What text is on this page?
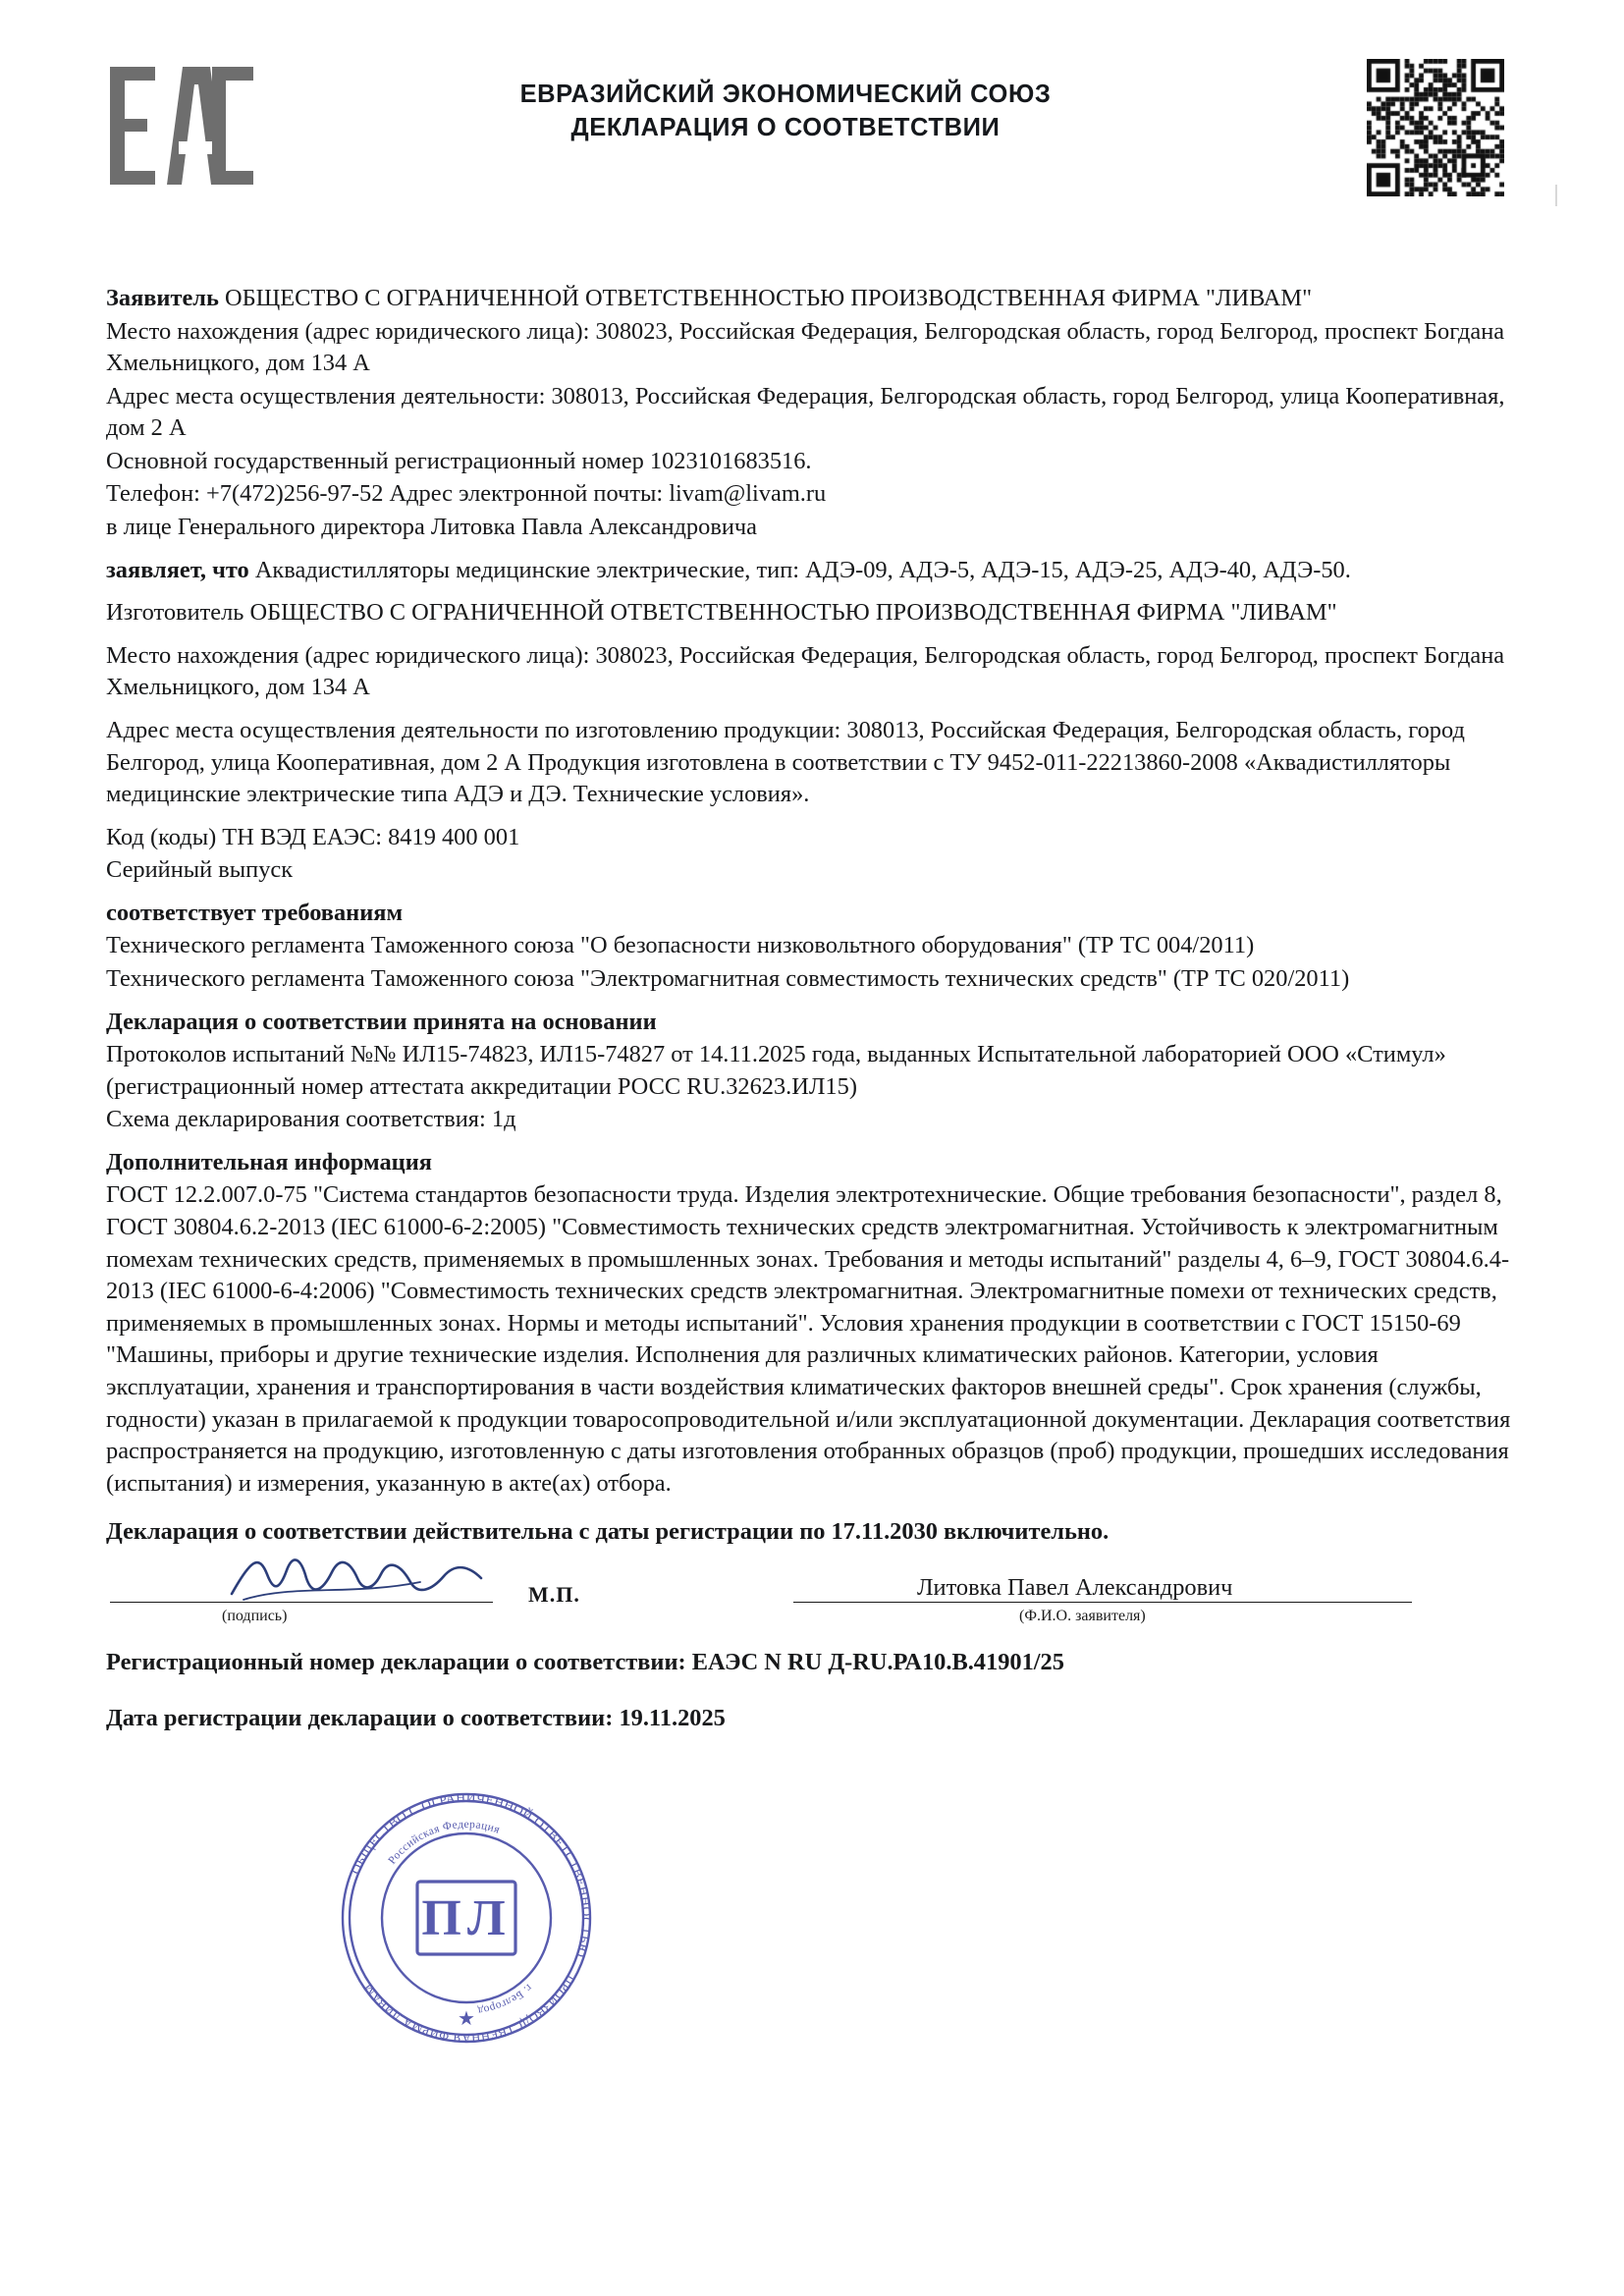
ЕВРАЗИЙСКИЙ ЭКОНОМИЧЕСКИЙ СОЮЗ
ДЕКЛАРАЦИЯ О СООТВЕТСТВИИ

Заявитель ОБЩЕСТВО С ОГРАНИЧЕННОЙ ОТВЕТСТВЕННОСТЬЮ ПРОИЗВОДСТВЕННАЯ ФИРМА "ЛИВАМ"

Место нахождения (адрес юридического лица): 308023, Российская Федерация, Белгородская область, город Белгород, проспект Богдана Хмельницкого, дом 134 А

Адрес места осуществления деятельности: 308013, Российская Федерация, Белгородская область, город Белгород, улица Кооперативная, дом 2 А

Основной государственный регистрационный номер 1023101683516.

Телефон: +7(472)256-97-52 Адрес электронной почты: livam@livam.ru

в лице Генерального директора Литовка Павла Александровича

заявляет, что Аквадистилляторы медицинские электрические, тип: АДЭ-09, АДЭ-5, АДЭ-15, АДЭ-25, АДЭ-40, АДЭ-50.

Изготовитель ОБЩЕСТВО С ОГРАНИЧЕННОЙ ОТВЕТСТВЕННОСТЬЮ ПРОИЗВОДСТВЕННАЯ ФИРМА "ЛИВАМ"

Место нахождения (адрес юридического лица): 308023, Российская Федерация, Белгородская область, город Белгород, проспект Богдана Хмельницкого, дом 134 А

Адрес места осуществления деятельности по изготовлению продукции: 308013, Российская Федерация, Белгородская область, город Белгород, улица Кооперативная, дом 2 А Продукция изготовлена в соответствии с ТУ 9452-011-22213860-2008 «Аквадистилляторы медицинские электрические типа АДЭ и ДЭ. Технические условия».

Код (коды) ТН ВЭД ЕАЭС: 8419 400 001

Серийный выпуск

соответствует требованиям

Технического регламента Таможенного союза "О безопасности низковольтного оборудования" (ТР ТС 004/2011)

Технического регламента Таможенного союза "Электромагнитная совместимость технических средств" (ТР ТС 020/2011)

Декларация о соответствии принята на основании

Протоколов испытаний №№ ИЛ15-74823, ИЛ15-74827 от 14.11.2025 года, выданных Испытательной лабораторией ООО «Стимул» (регистрационный номер аттестата аккредитации РОСС RU.32623.ИЛ15)

Схема декларирования соответствия: 1д

Дополнительная информация

ГОСТ 12.2.007.0-75 "Система стандартов безопасности труда. Изделия электротехнические. Общие требования безопасности", раздел 8, ГОСТ 30804.6.2-2013 (IEC 61000-6-2:2005) "Совместимость технических средств электромагнитная. Устойчивость к электромагнитным помехам технических средств, применяемых в промышленных зонах. Требования и методы испытаний" разделы 4, 6–9, ГОСТ 30804.6.4-2013 (IEC 61000-6-4:2006) "Совместимость технических средств электромагнитная. Электромагнитные помехи от технических средств, применяемых в промышленных зонах. Нормы и методы испытаний". Условия хранения продукции в соответствии с ГОСТ 15150-69 "Машины, приборы и другие технические изделия. Исполнения для различных климатических районов. Категории, условия эксплуатации, хранения и транспортирования в части воздействия климатических факторов внешней среды". Срок хранения (службы, годности) указан в прилагаемой к продукции товаросопроводительной и/или эксплуатационной документации. Декларация соответствия распространяется на продукцию, изготовленную с даты изготовления отобранных образцов (проб) продукции, прошедших исследования (испытания) и измерения, указанную в акте(ах) отбора.

Декларация о соответствии действительна с даты регистрации по 17.11.2030 включительно.

(подпись)
М.П.	Литовка Павел Александрович
(Ф.И.О. заявителя)

Регистрационный номер декларации о соответствии: ЕАЭС N RU Д-RU.РА10.В.41901/25

Дата регистрации декларации о соответствии: 19.11.2025

ОБЩЕСТВО С ОГРАНИЧЕННОЙ ОТВЕТСТВЕННОСТЬЮ
ПРОИЗВОДСТВЕННАЯ ФИРМА ЛИВАМ
Российская Федерация
г. Белгород
ПЛ
★
